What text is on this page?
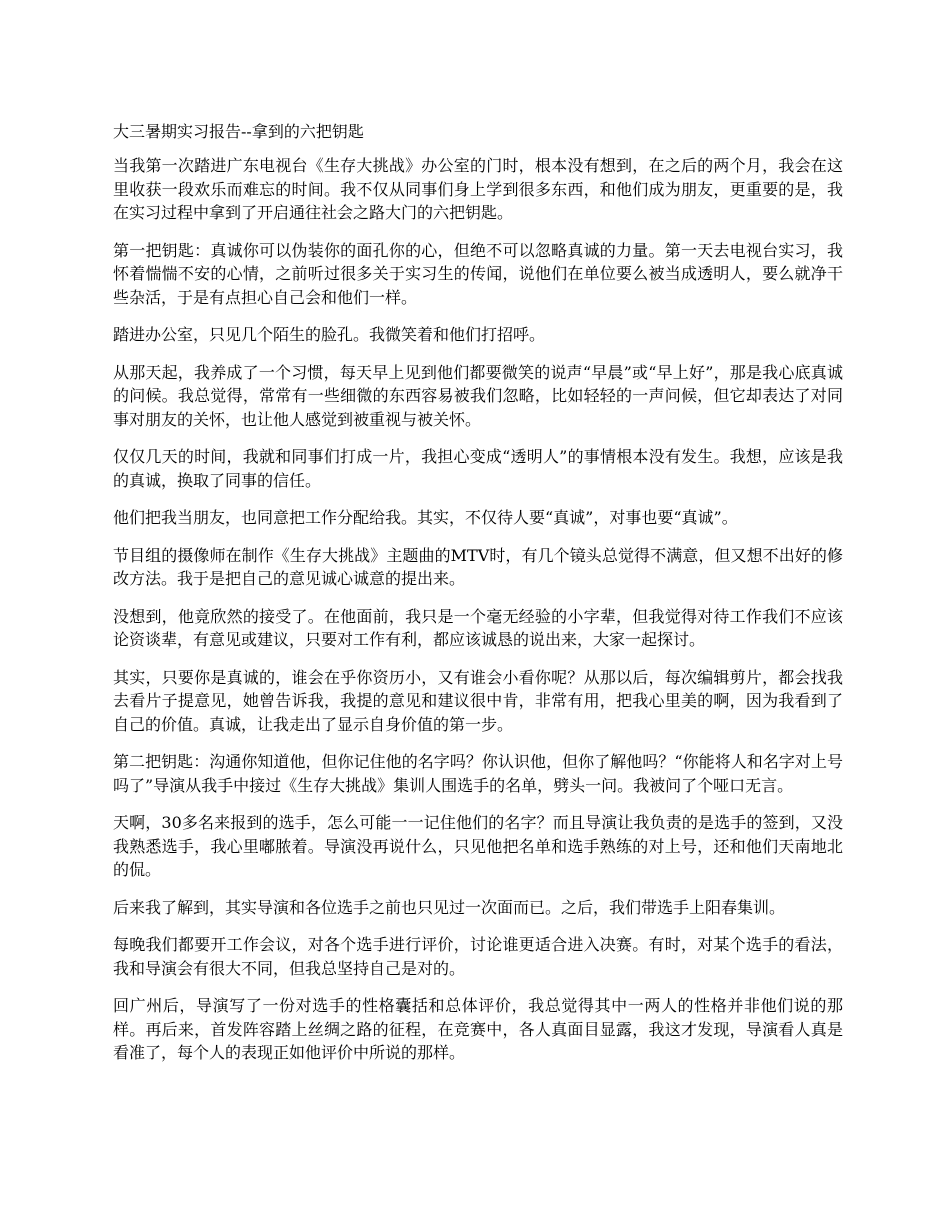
大三暑期实习报告--拿到的六把钥匙

当我第一次踏进广东电视台《生存大挑战》办公室的门时，根本没有想到，在之后的两个月，我会在这里收获一段欢乐而难忘的时间。我不仅从同事们身上学到很多东西，和他们成为朋友，更重要的是，我在实习过程中拿到了开启通往社会之路大门的六把钥匙。

第一把钥匙：真诚你可以伪装你的面孔你的心，但绝不可以忽略真诚的力量。第一天去电视台实习，我怀着惴惴不安的心情，之前听过很多关于实习生的传闻，说他们在单位要么被当成透明人，要么就净干些杂活，于是有点担心自己会和他们一样。

踏进办公室，只见几个陌生的脸孔。我微笑着和他们打招呼。

从那天起，我养成了一个习惯，每天早上见到他们都要微笑的说声“早晨”或“早上好”，那是我心底真诚的问候。我总觉得，常常有一些细微的东西容易被我们忽略，比如轻轻的一声问候，但它却表达了对同事对朋友的关怀，也让他人感觉到被重视与被关怀。

仅仅几天的时间，我就和同事们打成一片，我担心变成“透明人”的事情根本没有发生。我想，应该是我的真诚，换取了同事的信任。

他们把我当朋友，也同意把工作分配给我。其实，不仅待人要“真诚”，对事也要“真诚”。

节目组的摄像师在制作《生存大挑战》主题曲的MTV时，有几个镜头总觉得不满意，但又想不出好的修改方法。我于是把自己的意见诚心诚意的提出来。

没想到，他竟欣然的接受了。在他面前，我只是一个毫无经验的小字辈，但我觉得对待工作我们不应该论资谈辈，有意见或建议，只要对工作有利，都应该诚恳的说出来，大家一起探讨。

其实，只要你是真诚的，谁会在乎你资历小，又有谁会小看你呢？从那以后，每次编辑剪片，都会找我去看片子提意见，她曾告诉我，我提的意见和建议很中肯，非常有用，把我心里美的啊，因为我看到了自己的价值。真诚，让我走出了显示自身价值的第一步。

第二把钥匙：沟通你知道他，但你记住他的名字吗？你认识他，但你了解他吗？“你能将人和名字对上号吗了”导演从我手中接过《生存大挑战》集训人围选手的名单，劈头一问。我被问了个哑口无言。

天啊，30多名来报到的选手，怎么可能一一记住他们的名字？而且导演让我负责的是选手的签到，又没我熟悉选手，我心里嘟脓着。导演没再说什么，只见他把名单和选手熟练的对上号，还和他们天南地北的侃。

后来我了解到，其实导演和各位选手之前也只见过一次面而已。之后，我们带选手上阳春集训。

每晚我们都要开工作会议，对各个选手进行评价，讨论谁更适合进入决赛。有时，对某个选手的看法，我和导演会有很大不同，但我总坚持自己是对的。

回广州后，导演写了一份对选手的性格囊括和总体评价，我总觉得其中一两人的性格并非他们说的那样。再后来，首发阵容踏上丝绸之路的征程，在竞赛中，各人真面目显露，我这才发现，导演看人真是看准了，每个人的表现正如他评价中所说的那样。
